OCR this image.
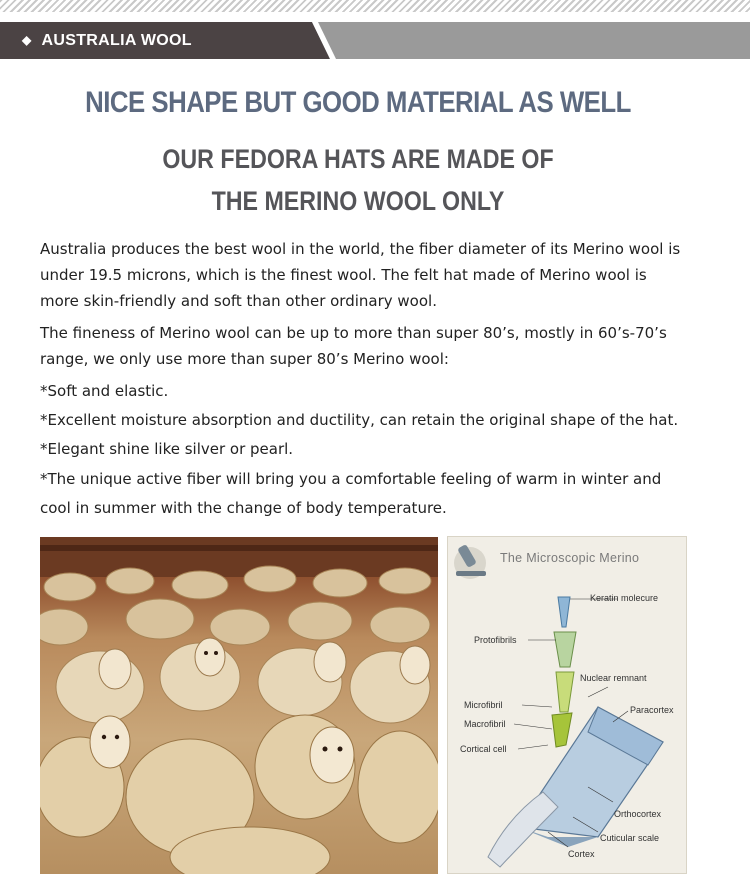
◆ AUSTRALIA WOOL
NICE SHAPE BUT GOOD MATERIAL AS WELL
OUR FEDORA HATS ARE MADE OF
THE MERINO WOOL ONLY
Australia produces the best wool in the world, the fiber diameter of its Merino wool is
under 19.5 microns, which is the finest wool. The felt hat made of Merino wool is
more skin-friendly and soft than other ordinary wool.
The fineness of Merino wool can be up to more than super 80’s, mostly in 60’s-70’s
range, we only use more than super 80’s Merino wool:
*Soft and elastic.
*Excellent moisture absorption and ductility, can retain the original shape of the hat.
*Elegant shine like silver or pearl.
*The unique active fiber will bring you a comfortable feeling of warm in winter and
cool in summer with the change of body temperature.
The Microscopic Merino
Keratin molecure
Protofibrils
Nuclear remnant
Microfibril	Paracortex
Macrofibril
Cortical cell
Orthocortex
Cuticular scale
Cortex
